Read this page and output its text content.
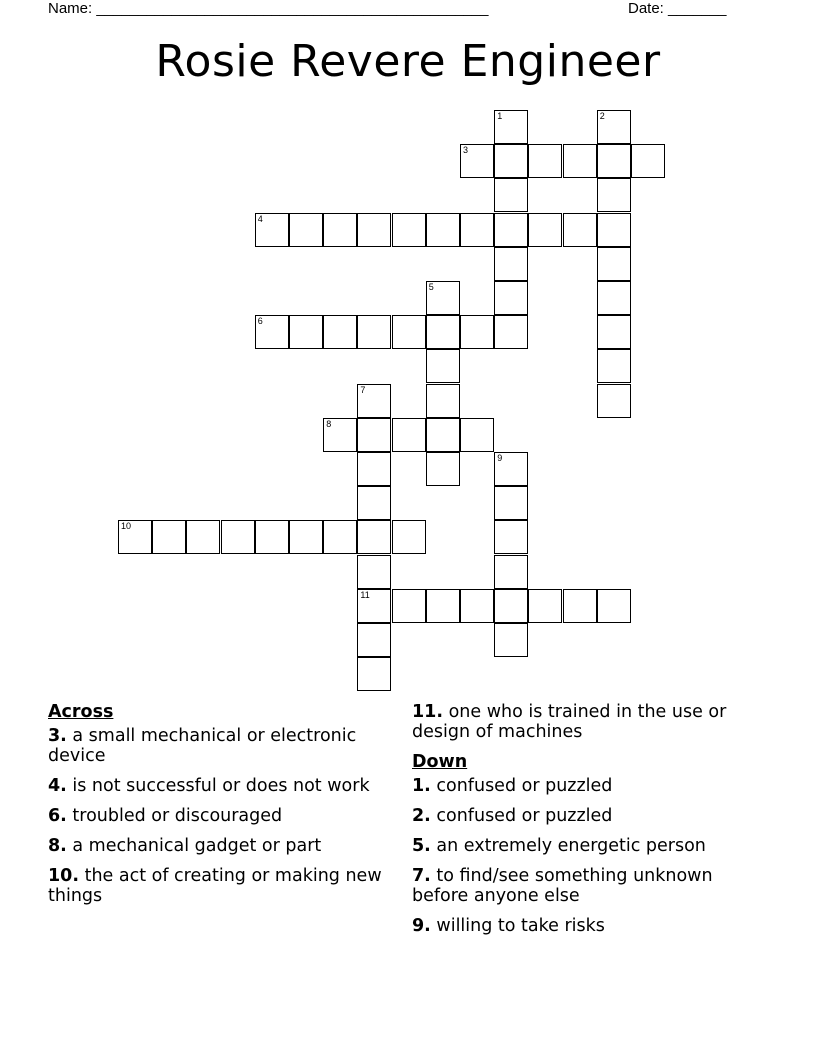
Name: _______________________________________________	Date: _______
Rosie Revere Engineer
1	2
3
4
5
6
7
11
8
9
10
Across
3. a small mechanical or electronic device
4. is not successful or does not work
6. troubled or discouraged
8. a mechanical gadget or part
10. the act of creating or making new things
11. one who is trained in the use or design of machines
Down
1. confused or puzzled
2. confused or puzzled
5. an extremely energetic person
7. to find/see something unknown before anyone else
9. willing to take risks
